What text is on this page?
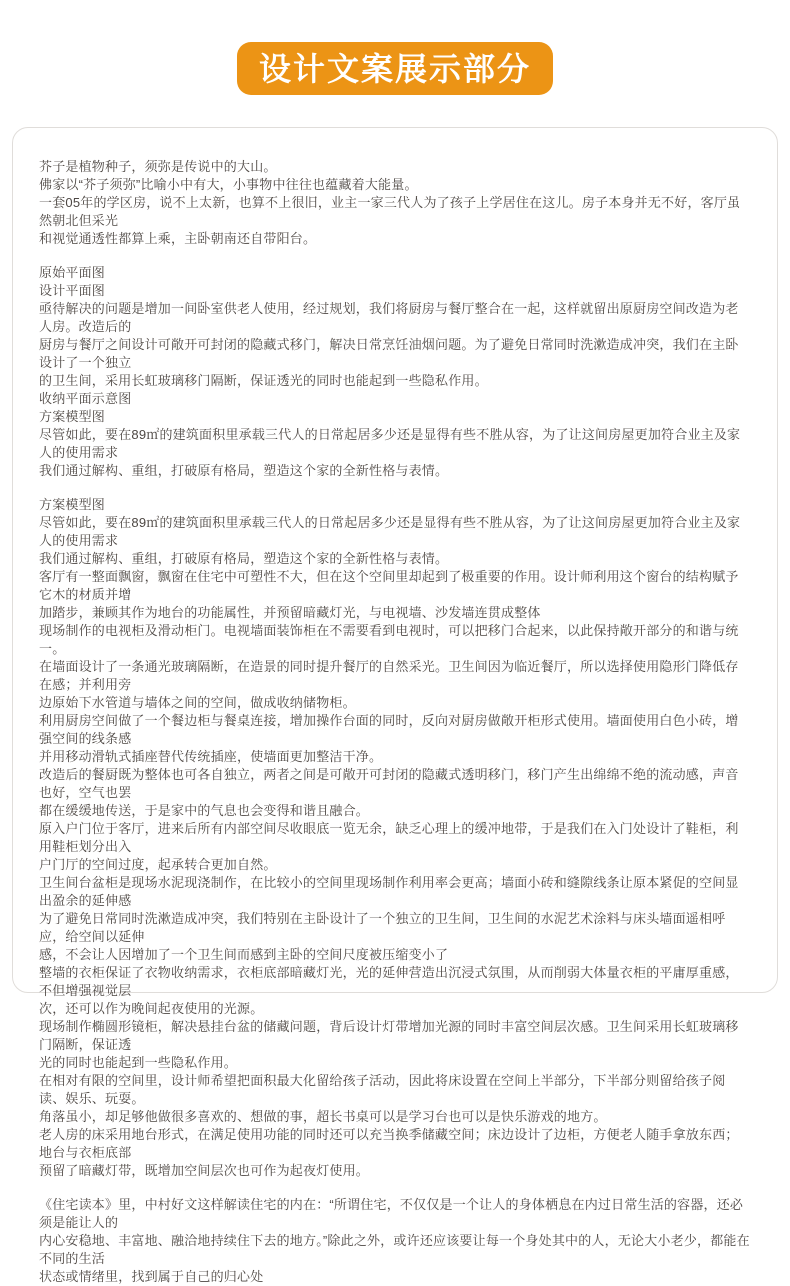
设计文案展示部分
芥子是植物种子，须弥是传说中的大山。
佛家以“芥子须弥”比喻小中有大，小事物中往往也蕴藏着大能量。
一套05年的学区房，说不上太新，也算不上很旧，业主一家三代人为了孩子上学居住在这儿。房子本身并无不好，客厅虽然朝北但采光
和视觉通透性都算上乘，主卧朝南还自带阳台。
原始平面图
设计平面图
亟待解决的问题是增加一间卧室供老人使用，经过规划，我们将厨房与餐厅整合在一起，这样就留出原厨房空间改造为老人房。改造后的
厨房与餐厅之间设计可敞开可封闭的隐藏式移门，解决日常烹饪油烟问题。为了避免日常同时洗漱造成冲突，我们在主卧设计了一个独立
的卫生间，采用长虹玻璃移门隔断，保证透光的同时也能起到一些隐私作用。
收纳平面示意图
方案模型图
尽管如此，要在89㎡的建筑面积里承载三代人的日常起居多少还是显得有些不胜从容，为了让这间房屋更加符合业主及家人的使用需求
我们通过解构、重组，打破原有格局，塑造这个家的全新性格与表情。
方案模型图
尽管如此，要在89㎡的建筑面积里承载三代人的日常起居多少还是显得有些不胜从容，为了让这间房屋更加符合业主及家人的使用需求
我们通过解构、重组，打破原有格局，塑造这个家的全新性格与表情。
客厅有一整面飘窗，飘窗在住宅中可塑性不大，但在这个空间里却起到了极重要的作用。设计师利用这个窗台的结构赋予它木的材质并增
加踏步，兼顾其作为地台的功能属性，并预留暗藏灯光，与电视墙、沙发墙连贯成整体
现场制作的电视柜及滑动柜门。电视墙面装饰柜在不需要看到电视时，可以把移门合起来，以此保持敞开部分的和谐与统一。
在墙面设计了一条通光玻璃隔断，在造景的同时提升餐厅的自然采光。卫生间因为临近餐厅，所以选择使用隐形门降低存在感；并利用旁
边原始下水管道与墙体之间的空间，做成收纳储物柜。
利用厨房空间做了一个餐边柜与餐桌连接，增加操作台面的同时，反向对厨房做敞开柜形式使用。墙面使用白色小砖，增强空间的线条感
并用移动滑轨式插座替代传统插座，使墙面更加整洁干净。
改造后的餐厨既为整体也可各自独立，两者之间是可敞开可封闭的隐藏式透明移门，移门产生出绵绵不绝的流动感，声音也好，空气也罢
都在缓缓地传送，于是家中的气息也会变得和谐且融合。
原入户门位于客厅，进来后所有内部空间尽收眼底一览无余，缺乏心理上的缓冲地带，于是我们在入门处设计了鞋柜，利用鞋柜划分出入
户门厅的空间过度，起承转合更加自然。
卫生间台盆柜是现场水泥现浇制作，在比较小的空间里现场制作利用率会更高；墙面小砖和缝隙线条让原本紧促的空间显出盈余的延伸感
为了避免日常同时洗漱造成冲突，我们特别在主卧设计了一个独立的卫生间，卫生间的水泥艺术涂料与床头墙面遥相呼应，给空间以延伸
感，不会让人因增加了一个卫生间而感到主卧的空间尺度被压缩变小了
整墙的衣柜保证了衣物收纳需求，衣柜底部暗藏灯光，光的延伸营造出沉浸式氛围，从而削弱大体量衣柜的平庸厚重感，不但增强视觉层
次，还可以作为晚间起夜使用的光源。
现场制作椭圆形镜柜，解决悬挂台盆的储藏问题，背后设计灯带增加光源的同时丰富空间层次感。卫生间采用长虹玻璃移门隔断，保证透
光的同时也能起到一些隐私作用。
在相对有限的空间里，设计师希望把面积最大化留给孩子活动，因此将床设置在空间上半部分，下半部分则留给孩子阅读、娱乐、玩耍。
角落虽小，却足够他做很多喜欢的、想做的事，超长书桌可以是学习台也可以是快乐游戏的地方。
老人房的床采用地台形式，在满足使用功能的同时还可以充当换季储藏空间；床边设计了边柜，方便老人随手拿放东西；地台与衣柜底部
预留了暗藏灯带，既增加空间层次也可作为起夜灯使用。
《住宅读本》里，中村好文这样解读住宅的内在：“所谓住宅，不仅仅是一个让人的身体栖息在内过日常生活的容器，还必须是能让人的
内心安稳地、丰富地、融洽地持续住下去的地方。”除此之外，或许还应该要让每一个身处其中的人，无论大小老少，都能在不同的生活
状态或情绪里，找到属于自己的归心处
